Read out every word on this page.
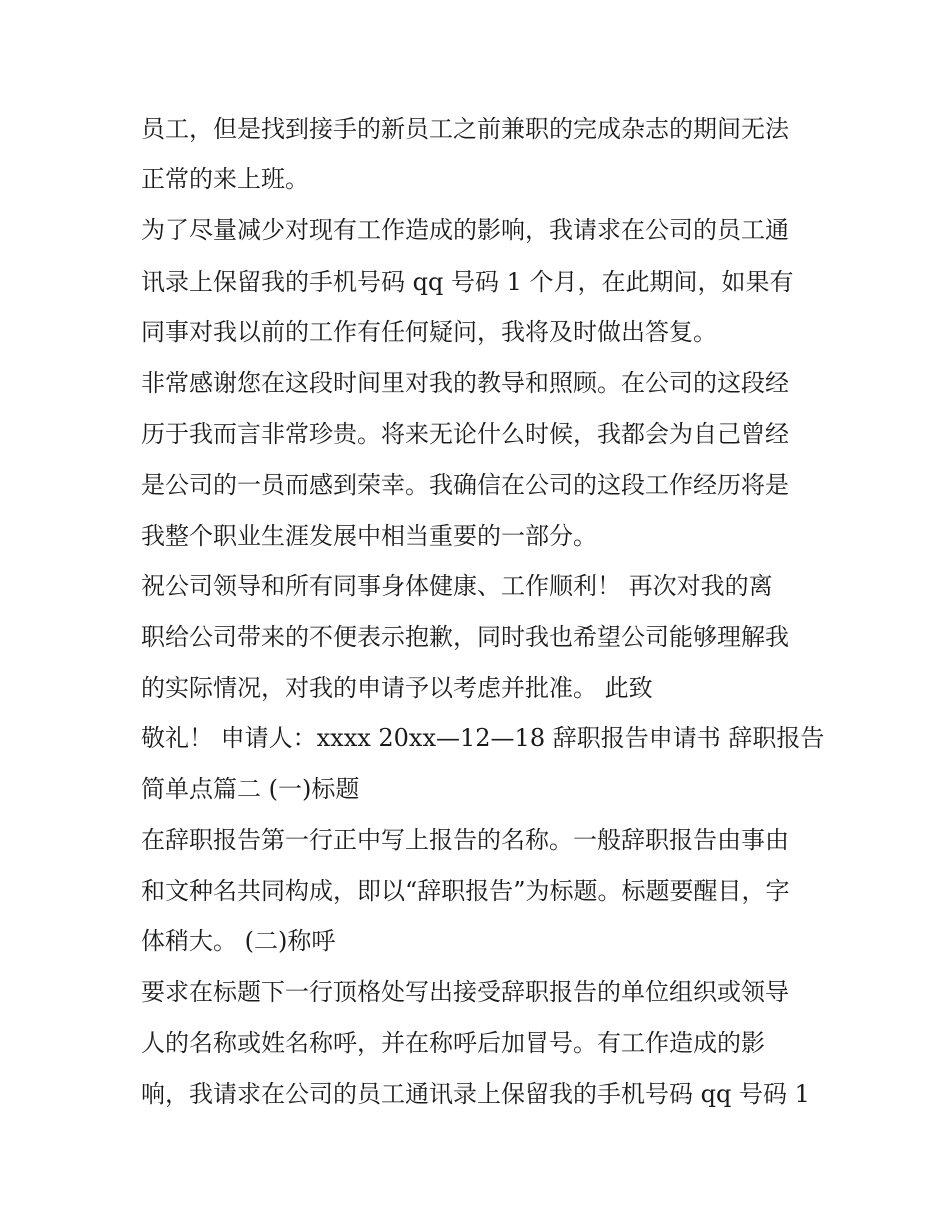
员工，但是找到接手的新员工之前兼职的完成杂志的期间无法

正常的来上班。

为了尽量减少对现有工作造成的影响，我请求在公司的员工通

讯录上保留我的手机号码 qq 号码 1 个月，在此期间，如果有

同事对我以前的工作有任何疑问，我将及时做出答复。

非常感谢您在这段时间里对我的教导和照顾。在公司的这段经

历于我而言非常珍贵。将来无论什么时候，我都会为自己曾经

是公司的一员而感到荣幸。我确信在公司的这段工作经历将是

我整个职业生涯发展中相当重要的一部分。

祝公司领导和所有同事身体健康、工作顺利！ 再次对我的离

职给公司带来的不便表示抱歉，同时我也希望公司能够理解我

的实际情况，对我的申请予以考虑并批准。 此致

敬礼！ 申请人：xxxx 20xx—12—18 辞职报告申请书 辞职报告

简单点篇二 (一)标题

在辞职报告第一行正中写上报告的名称。一般辞职报告由事由

和文种名共同构成，即以“辞职报告”为标题。标题要醒目，字

体稍大。 (二)称呼

要求在标题下一行顶格处写出接受辞职报告的单位组织或领导

人的名称或姓名称呼，并在称呼后加冒号。有工作造成的影

响，我请求在公司的员工通讯录上保留我的手机号码 qq 号码 1
